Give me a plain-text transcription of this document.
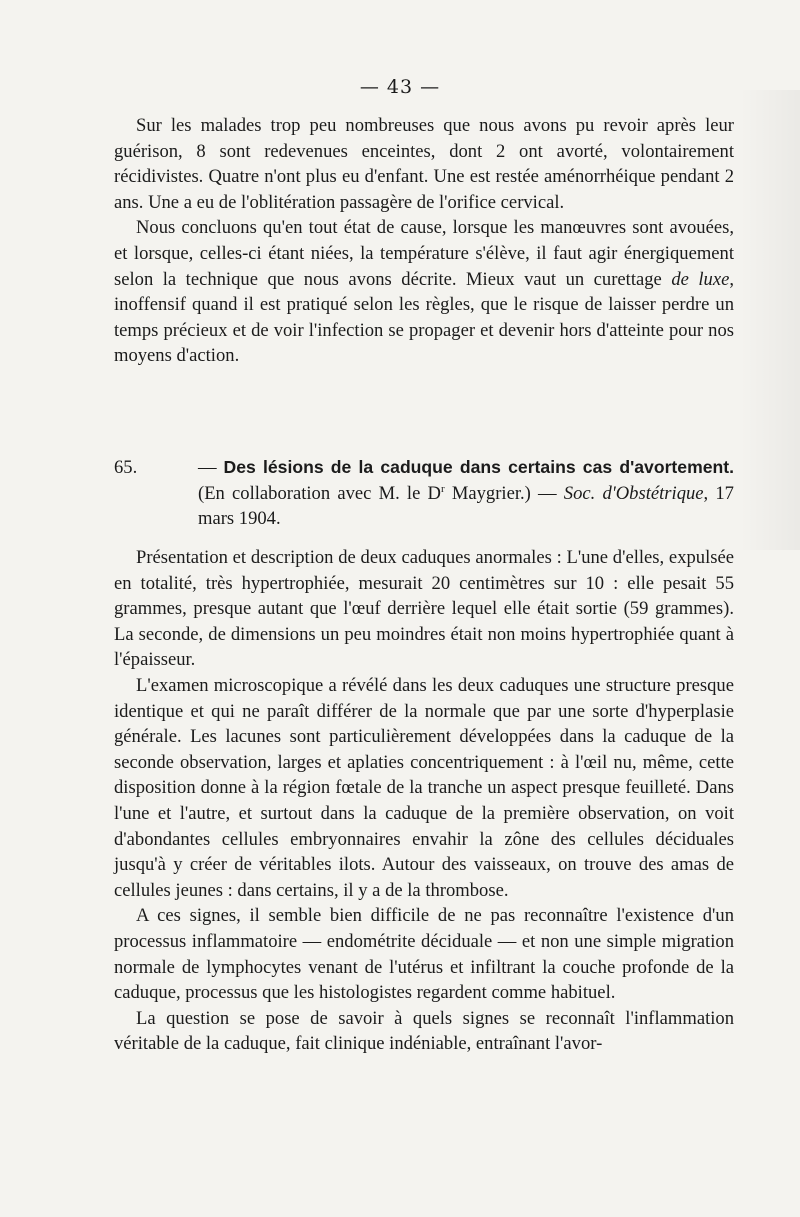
— 43 —

Sur les malades trop peu nombreuses que nous avons pu revoir après leur guérison, 8 sont redevenues enceintes, dont 2 ont avorté, volontairement récidivistes. Quatre n'ont plus eu d'enfant. Une est restée aménorrhéique pendant 2 ans. Une a eu de l'oblitération passagère de l'orifice cervical.

Nous concluons qu'en tout état de cause, lorsque les manœuvres sont avouées, et lorsque, celles-ci étant niées, la température s'élève, il faut agir énergiquement selon la technique que nous avons décrite. Mieux vaut un curettage de luxe, inoffensif quand il est pratiqué selon les règles, que le risque de laisser perdre un temps précieux et de voir l'infection se propager et devenir hors d'atteinte pour nos moyens d'action.

65.	— Des lésions de la caduque dans certains cas d'avortement. (En collaboration avec M. le $D^r$ Maygrier.) — Soc. d'Obstétrique, 17 mars 1904.

Présentation et description de deux caduques anormales : L'une d'elles, expulsée en totalité, très hypertrophiée, mesurait 20 centimètres sur 10 : elle pesait 55 grammes, presque autant que l'œuf derrière lequel elle était sortie (59 grammes). La seconde, de dimensions un peu moindres était non moins hypertrophiée quant à l'épaisseur.

L'examen microscopique a révélé dans les deux caduques une structure presque identique et qui ne paraît différer de la normale que par une sorte d'hyperplasie générale. Les lacunes sont particulièrement développées dans la caduque de la seconde observation, larges et aplaties concentriquement : à l'œil nu, même, cette disposition donne à la région fœtale de la tranche un aspect presque feuilleté. Dans l'une et l'autre, et surtout dans la caduque de la première observation, on voit d'abondantes cellules embryonnaires envahir la zône des cellules déciduales jusqu'à y créer de véritables ilots. Autour des vaisseaux, on trouve des amas de cellules jeunes : dans certains, il y a de la thrombose.

A ces signes, il semble bien difficile de ne pas reconnaître l'existence d'un processus inflammatoire — endométrite déciduale — et non une simple migration normale de lymphocytes venant de l'utérus et infiltrant la couche profonde de la caduque, processus que les histologistes regardent comme habituel.

La question se pose de savoir à quels signes se reconnaît l'inflammation véritable de la caduque, fait clinique indéniable, entraînant l'avor-
